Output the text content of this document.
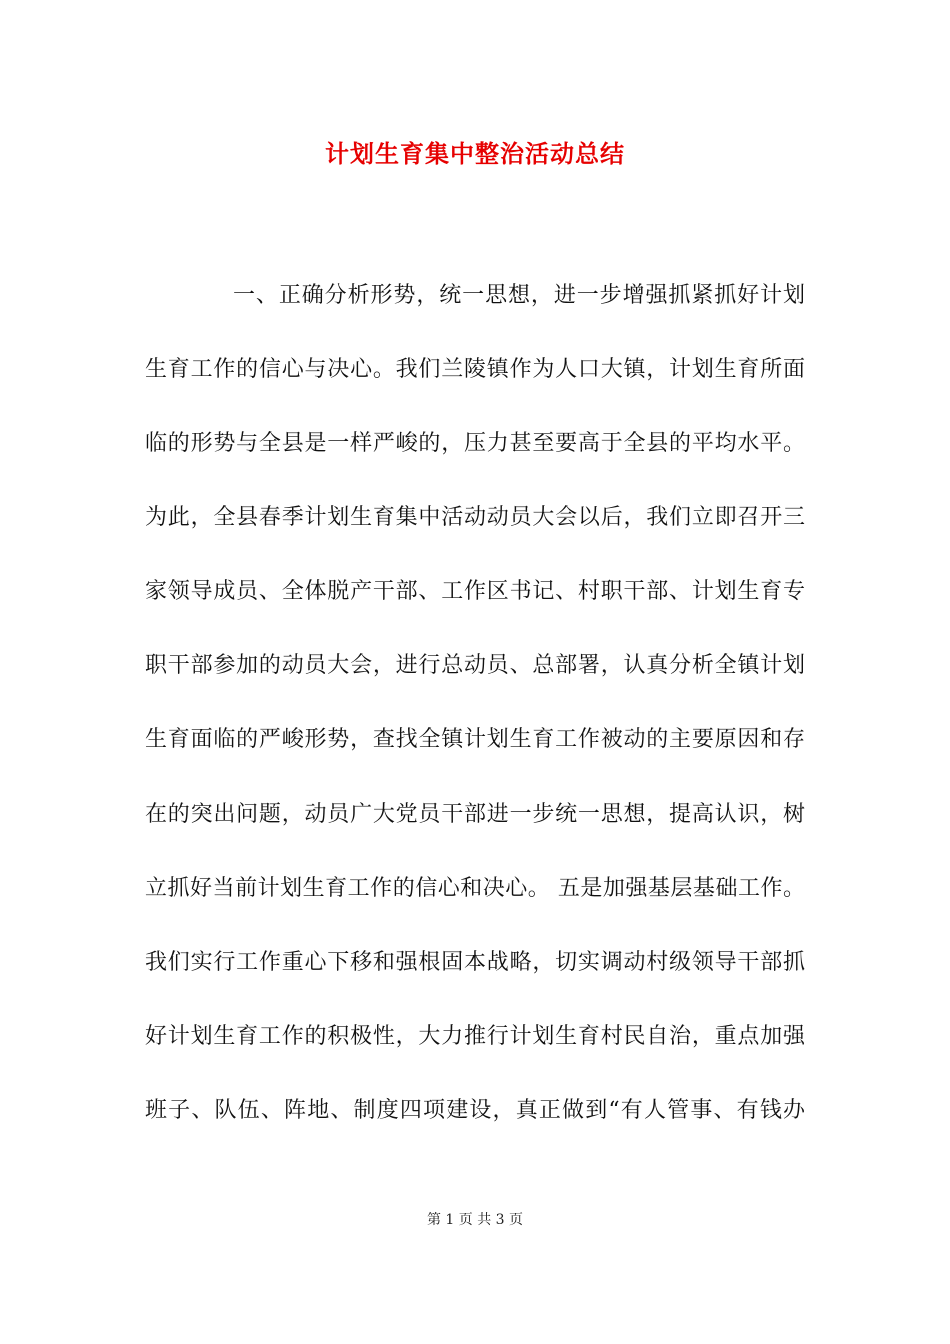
计划生育集中整治活动总结
一、正确分析形势，统一思想，进一步增强抓紧抓好计划
生育工作的信心与决心。我们兰陵镇作为人口大镇，计划生育所面
临的形势与全县是一样严峻的，压力甚至要高于全县的平均水平。
为此，全县春季计划生育集中活动动员大会以后，我们立即召开三
家领导成员、全体脱产干部、工作区书记、村职干部、计划生育专
职干部参加的动员大会，进行总动员、总部署，认真分析全镇计划
生育面临的严峻形势，查找全镇计划生育工作被动的主要原因和存
在的突出问题，动员广大党员干部进一步统一思想，提高认识，树
立抓好当前计划生育工作的信心和决心。 五是加强基层基础工作。
我们实行工作重心下移和强根固本战略，切实调动村级领导干部抓
好计划生育工作的积极性，大力推行计划生育村民自治，重点加强
班子、队伍、阵地、制度四项建设，真正做到“有人管事、有钱办
第 1 页 共 3 页
